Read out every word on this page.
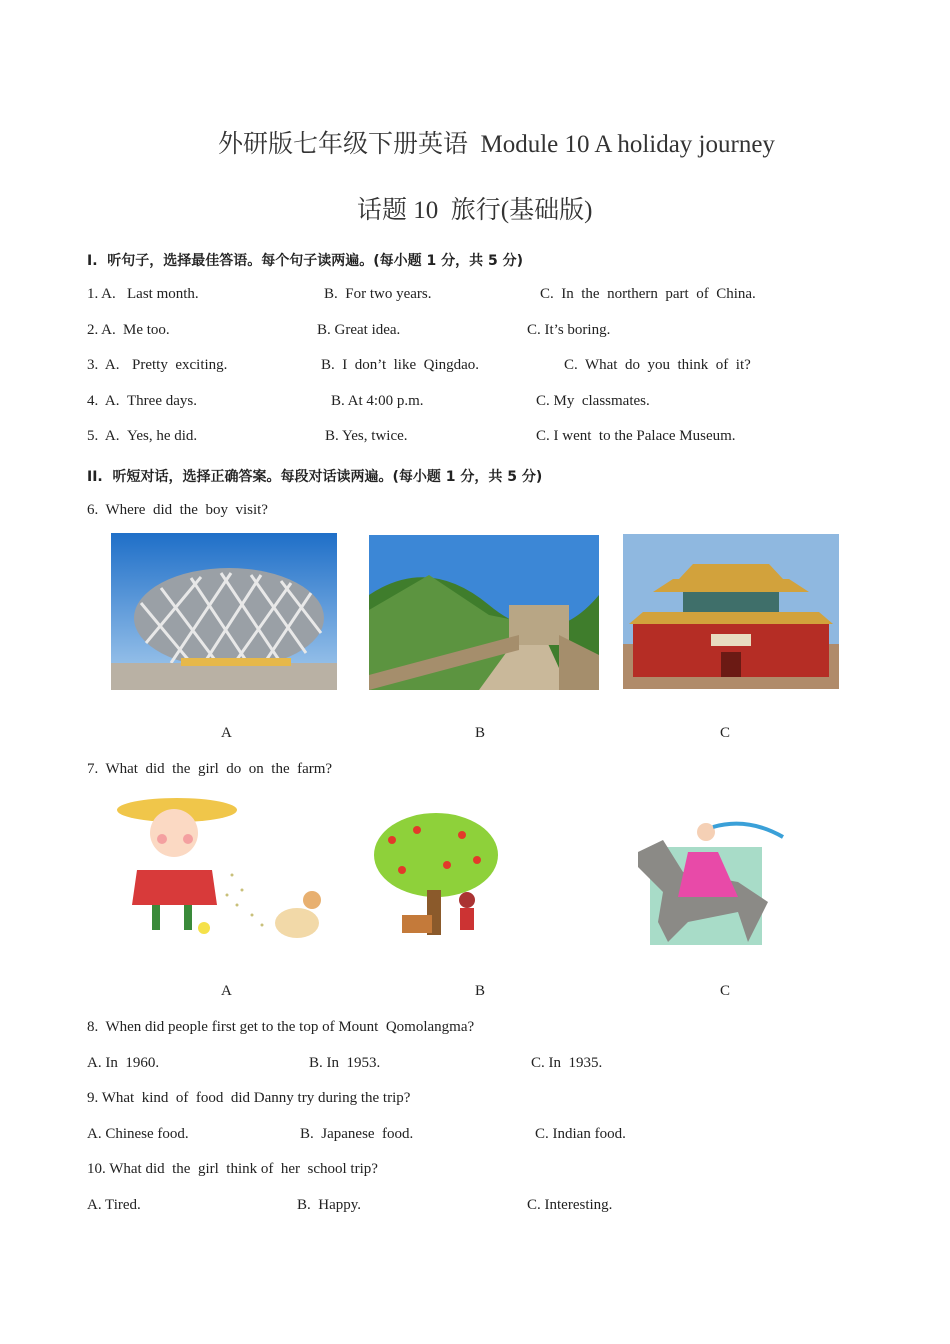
外研版七年级下册英语  Module 10 A holiday journey
话题 10  旅行(基础版)
I.  听句子，选择最佳答语。每个句子读两遍。(每小题 1 分，共 5 分)
1. A. Last month.	B.  For two years.	C.  In  the  northern  part  of  China.
2. A. Me too.	B. Great idea.	C. It’s boring.
3.  A. Pretty  exciting.	B.  I  don’t  like  Qingdao.	C.  What  do  you  think  of  it?
4.  A. Three days.	B. At 4:00 p.m.	C. My  classmates.
5.  A. Yes, he did.	B. Yes, twice.	C. I went  to the Palace Museum.
II.  听短对话，选择正确答案。每段对话读两遍。(每小题 1 分，共 5 分)
6.  Where  did  the  boy  visit?
A	B	C
7.  What  did  the  girl  do  on  the  farm?
A	B	C
8.  When did people first get to the top of Mount  Qomolangma?
A. In  1960.	B. In  1953.	C. In  1935.
9. What  kind  of  food  did Danny try during the trip?
A. Chinese food.	B.  Japanese  food.	C. Indian food.
10. What did  the  girl  think of  her  school trip?
A. Tired.	B.  Happy.	C. Interesting.
